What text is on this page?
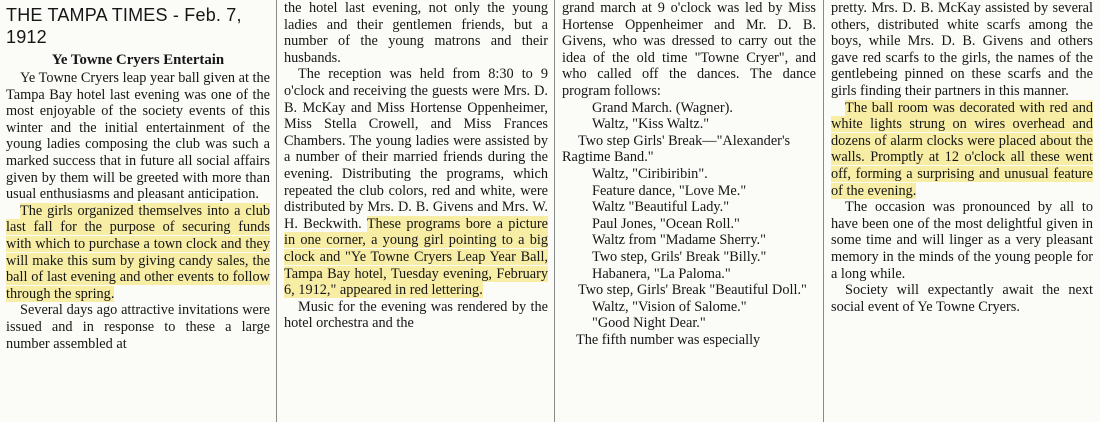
THE TAMPA TIMES - Feb. 7, 1912
Ye Towne Cryers Entertain

Ye Towne Cryers leap year ball given at the Tampa Bay hotel last evening was one of the most enjoyable of the society events of this winter and the initial entertainment of the young ladies composing the club was such a marked success that in future all social affairs given by them will be greeted with more than usual enthusiasms and pleasant anticipation.

The girls organized themselves into a club last fall for the purpose of securing funds with which to purchase a town clock and they will make this sum by giving candy sales, the ball of last evening and other events to follow through the spring.

Several days ago attractive invitations were issued and in response to these a large number assembled at

the hotel last evening, not only the young ladies and their gentlemen friends, but a number of the young matrons and their husbands.

The reception was held from 8:30 to 9 o'clock and receiving the guests were Mrs. D. B. McKay and Miss Hortense Oppenheimer, Miss Stella Crowell, and Miss Frances Chambers. The young ladies were assisted by a number of their married friends during the evening. Distributing the programs, which repeated the club colors, red and white, were distributed by Mrs. D. B. Givens and Mrs. W. H. Beckwith. These programs bore a picture in one corner, a young girl pointing to a big clock and "Ye Towne Cryers Leap Year Ball, Tampa Bay hotel, Tuesday evening, February 6, 1912," appeared in red lettering.

Music for the evening was rendered by the hotel orchestra and the

grand march at 9 o'clock was led by Miss Hortense Oppenheimer and Mr. D. B. Givens, who was dressed to carry out the idea of the old time "Towne Cryer", and who called off the dances. The dance program follows:

Grand March. (Wagner).

Waltz, "Kiss Waltz."

Two step Girls' Break—"Alexander's Ragtime Band."

Waltz, "Ciribiribin".

Feature dance, "Love Me."

Waltz "Beautiful Lady."

Paul Jones, "Ocean Roll."

Waltz from "Madame Sherry."

Two step, Grils' Break "Billy."

Habanera, "La Paloma."

Two step, Girls' Break "Beautiful Doll."

Waltz, "Vision of Salome."

"Good Night Dear."

The fifth number was especially

pretty. Mrs. D. B. McKay assisted by several others, distributed white scarfs among the boys, while Mrs. D. B. Givens and others gave red scarfs to the girls, the names of the gentlebeing pinned on these scarfs and the girls finding their partners in this manner.

The ball room was decorated with red and white lights strung on wires overhead and dozens of alarm clocks were placed about the walls. Promptly at 12 o'clock all these went off, forming a surprising and unusual feature of the evening.

The occasion was pronounced by all to have been one of the most delightful given in some time and will linger as a very pleasant memory in the minds of the young people for a long while.

Society will expectantly await the next social event of Ye Towne Cryers.
